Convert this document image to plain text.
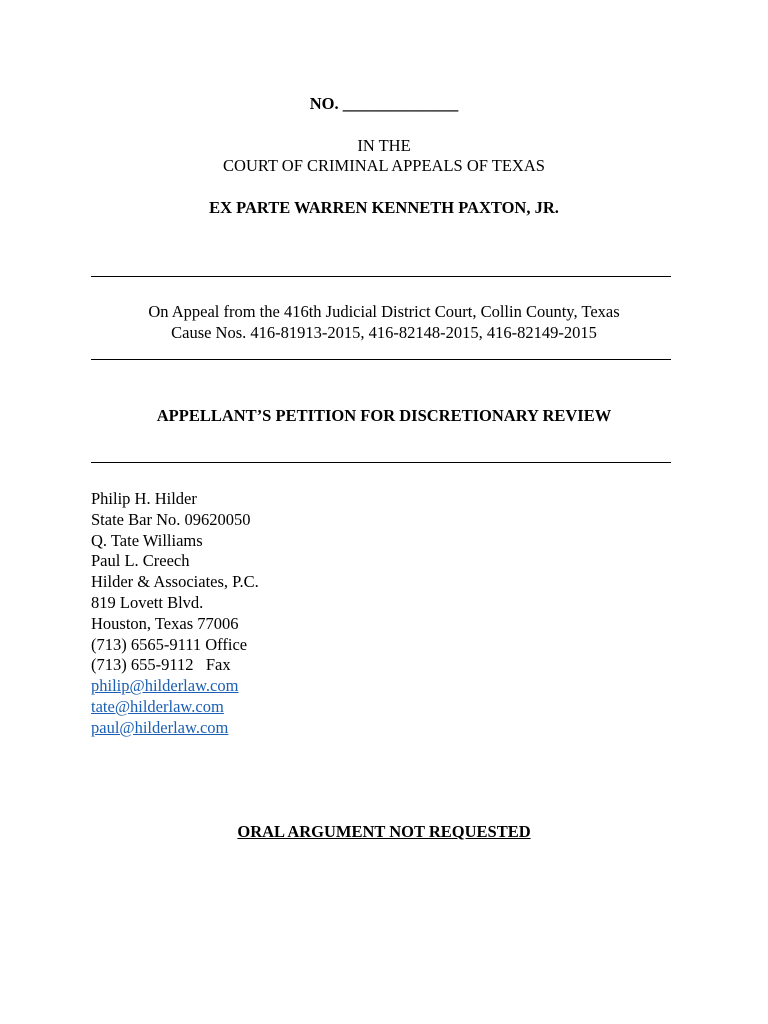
NO. ______________
IN THE
COURT OF CRIMINAL APPEALS OF TEXAS
EX PARTE WARREN KENNETH PAXTON, JR.
On Appeal from the 416th Judicial District Court, Collin County, Texas
Cause Nos. 416-81913-2015, 416-82148-2015, 416-82149-2015
APPELLANT’S PETITION FOR DISCRETIONARY REVIEW
Philip H. Hilder
State Bar No. 09620050
Q. Tate Williams
Paul L. Creech
Hilder & Associates, P.C.
819 Lovett Blvd.
Houston, Texas 77006
(713) 6565-9111 Office
(713) 655-9112   Fax
philip@hilderlaw.com
tate@hilderlaw.com
paul@hilderlaw.com
ORAL ARGUMENT NOT REQUESTED
